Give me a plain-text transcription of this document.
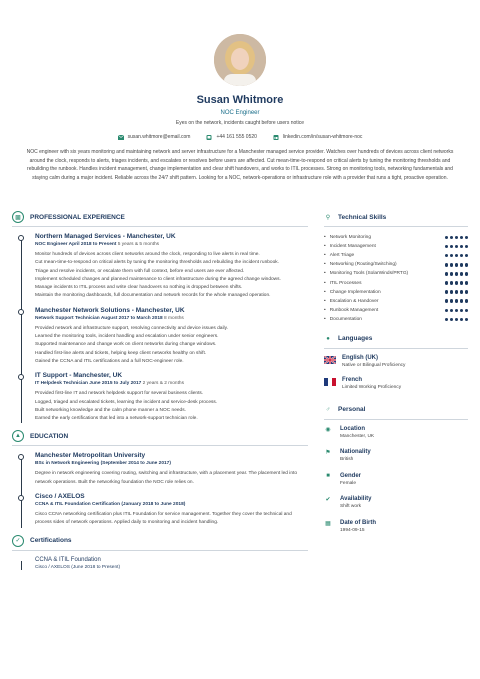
Susan Whitmore
NOC Engineer
Eyes on the network, incidents caught before users notice
susan.whitmore@email.com	+44 161 555 0520	linkedin.com/in/susan-whitmore-noc

NOC engineer with six years monitoring and maintaining network and server infrastructure for a Manchester managed service provider. Watches over hundreds of devices across client networks around the clock, responds to alerts, triages incidents, and escalates or resolves before users are affected. Cut mean-time-to-respond on critical alerts by tuning the monitoring thresholds and rebuilding the runbook. Handles incident management, change implementation and clear shift handovers, and works to ITIL processes. Strong on monitoring tools, networking fundamentals and staying calm during a major incident. Reliable across the 24/7 shift pattern. Looking for a NOC, network-operations or infrastructure role with a provider that runs a tight, proactive operation.

▩	PROFESSIONAL EXPERIENCE
Northern Managed Services - Manchester, UK
NOC Engineer April 2018 to Present 5 years & 5 months

Monitor hundreds of devices across client networks around the clock, responding to live alerts in real time.

Cut mean-time-to-respond on critical alerts by tuning the monitoring thresholds and rebuilding the incident runbook.

Triage and resolve incidents, or escalate them with full context, before end users are ever affected.

Implement scheduled changes and planned maintenance to client infrastructure during the agreed change windows.

Manage incidents to ITIL process and write clear handovers so nothing is dropped between shifts.

Maintain the monitoring dashboards, full documentation and network records for the whole managed operation.

Manchester Network Solutions - Manchester, UK
Network Support Technician August 2017 to March 2018 8 months

Provided network and infrastructure support, resolving connectivity and device issues daily.

Learned the monitoring tools, incident handling and escalation under senior engineers.

Supported maintenance and change work on client networks during change windows.

Handled first-line alerts and tickets, helping keep client networks healthy on shift.

Gained the CCNA and ITIL certifications and a full NOC-engineer role.

IT Support - Manchester, UK
IT Helpdesk Technician June 2015 to July 2017 2 years & 2 months

Provided first-line IT and network helpdesk support for several business clients.

Logged, triaged and escalated tickets, learning the incident and service-desk process.

Built networking knowledge and the calm phone manner a NOC needs.

Earned the early certifications that led into a network-support technician role.

▲	EDUCATION
Manchester Metropolitan University
BSc in Network Engineering (September 2014 to June 2017)

Degree in network engineering covering routing, switching and infrastructure, with a placement year. The placement led into network operations. Built the networking foundation the NOC role relies on.

Cisco / AXELOS
CCNA & ITIL Foundation Certification (January 2018 to June 2018)

Cisco CCNA networking certification plus ITIL Foundation for service management. Together they cover the technical and process sides of network operations. Applied daily to monitoring and incident handling.

✓	Certifications
CCNA & ITIL Foundation
Cisco / AXELOS (June 2018 to Present)
⚲ Technical Skills
• Network Monitoring
• Incident Management
• Alert Triage
• Networking (Routing/Switching)
• Monitoring Tools (SolarWinds/PRTG)
• ITIL Processes
• Change Implementation
• Escalation & Handover
• Runbook Management
• Documentation
●	Languages
English (UK)
Native or Bilingual Proficiency
French
Limited Working Proficiency
♂ Personal
◉ Location
Manchester, UK
⚑ Nationality
British
■	Gender
Female
✔ Availability
Shift work
▦ Date of Birth
1994-09-15
